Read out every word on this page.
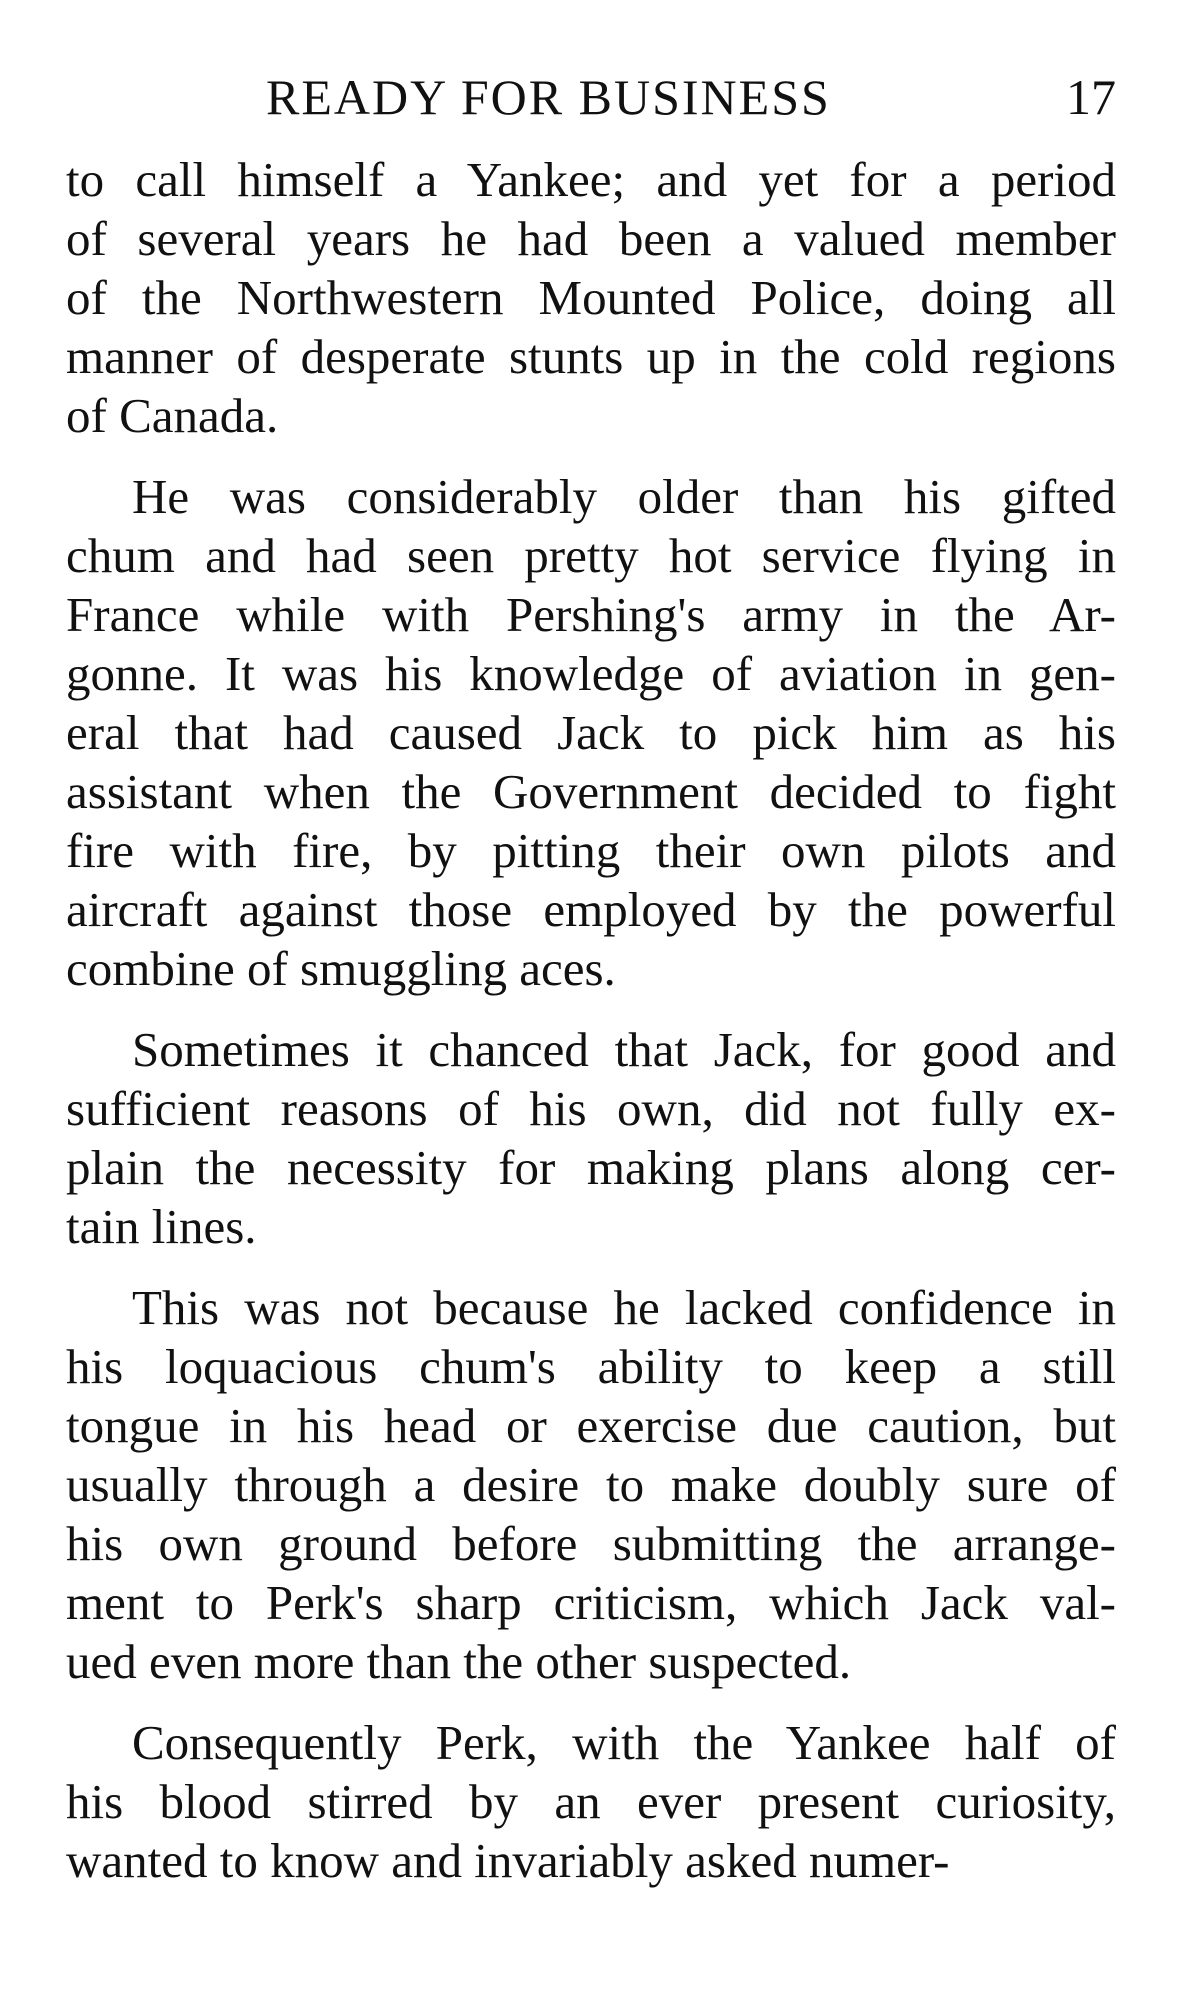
READY FOR BUSINESS	17
to call himself a Yankee; and yet for a period
of several years he had been a valued member
of the Northwestern Mounted Police, doing all
manner of desperate stunts up in the cold regions
of Canada.
He was considerably older than his gifted
chum and had seen pretty hot service flying in
France while with Pershing's army in the Ar-
gonne. It was his knowledge of aviation in gen-
eral that had caused Jack to pick him as his
assistant when the Government decided to fight
fire with fire, by pitting their own pilots and
aircraft against those employed by the powerful
combine of smuggling aces.
Sometimes it chanced that Jack, for good and
sufficient reasons of his own, did not fully ex-
plain the necessity for making plans along cer-
tain lines.
This was not because he lacked confidence in
his loquacious chum's ability to keep a still
tongue in his head or exercise due caution, but
usually through a desire to make doubly sure of
his own ground before submitting the arrange-
ment to Perk's sharp criticism, which Jack val-
ued even more than the other suspected.
Consequently Perk, with the Yankee half of
his blood stirred by an ever present curiosity,
wanted to know and invariably asked numer-
